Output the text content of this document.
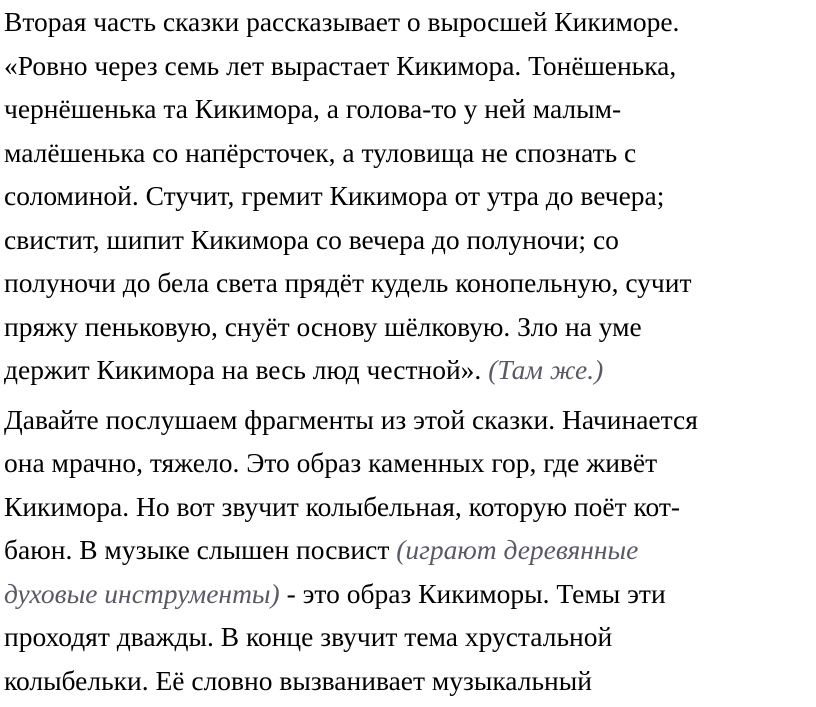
Вторая часть сказки рассказывает о выросшей Кикиморе.
«Ровно через семь лет вырастает Кикимора. Тонёшенька,
чернёшенька та Кикимора, а голова-то у ней малым-
малёшенька со напёрсточек, а туловища не спознать с
соломиной. Стучит, гремит Кикимора от утра до вечера;
свистит, шипит Кикимора со вечера до полуночи; со
полуночи до бела света прядёт кудель конопельную, сучит
пряжу пеньковую, снуёт основу шёлковую. Зло на уме
держит Кикимора на весь люд честной». (Там же.)
Давайте послушаем фрагменты из этой сказки. Начинается
она мрачно, тяжело. Это образ каменных гор, где живёт
Кикимора. Но вот звучит колыбельная, которую поёт кот-
баюн. В музыке слышен посвист (играют деревянные
духовые инструменты) - это образ Кикиморы. Темы эти
проходят дважды. В конце звучит тема хрустальной
колыбельки. Её словно вызванивает музыкальный
